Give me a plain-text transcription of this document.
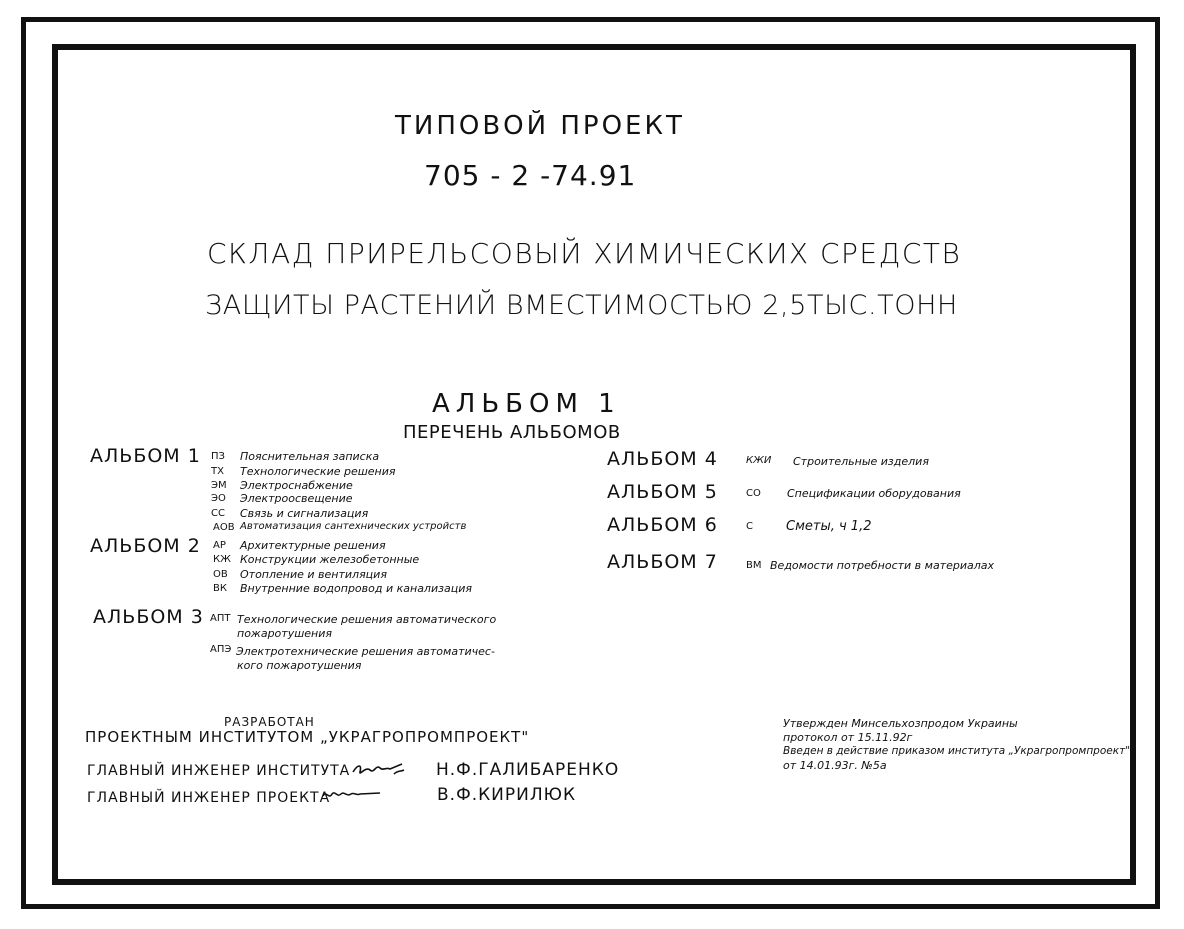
ТИПОВОЙ ПРОЕКТ
705 - 2 -74.91
СКЛАД ПРИРЕЛЬСОВЫЙ ХИМИЧЕСКИХ СРЕДСТВ
ЗАЩИТЫ РАСТЕНИЙ ВМЕСТИМОСТЬЮ 2,5ТЫС.ТОНН
АЛЬБОМ 1
ПЕРЕЧЕНЬ АЛЬБОМОВ
АЛЬБОМ 1 ПЗ Пояснительная записка
ТХ Технологические решения
ЭМ Электроснабжение
ЭО Электроосвещение
СС Связь и сигнализация
АОВ Автоматизация сантехнических устройств
АЛЬБОМ 2 АР Архитектурные решения
КЖ Конструкции железобетонные
ОВ Отопление и вентиляция
ВК Внутренние водопровод и канализация
АЛЬБОМ 3 АПТ Технологические решения автоматического
пожаротушения
АПЭ Электротехнические решения автоматичес-
кого пожаротушения
АЛЬБОМ 4	КЖИ Строительные изделия
АЛЬБОМ 5	СО Спецификации оборудования
АЛЬБОМ 6	С	Сметы, ч 1,2
АЛЬБОМ 7	ВМ Ведомости потребности в материалах
РАЗРАБОТАН
ПРОЕКТНЫМ ИНСТИТУТОМ „УКРАГРОПРОМПРОЕКТ"
ГЛАВНЫЙ ИНЖЕНЕР ИНСТИТУТА	Н.Ф.ГАЛИБАРЕНКО
ГЛАВНЫЙ ИНЖЕНЕР ПРОЕКТА	В.Ф.КИРИЛЮК
Утвержден Минсельхозпродом Украины
протокол от 15.11.92г
Введен в действие приказом института „Украгропромпроект"
от 14.01.93г. №5а
